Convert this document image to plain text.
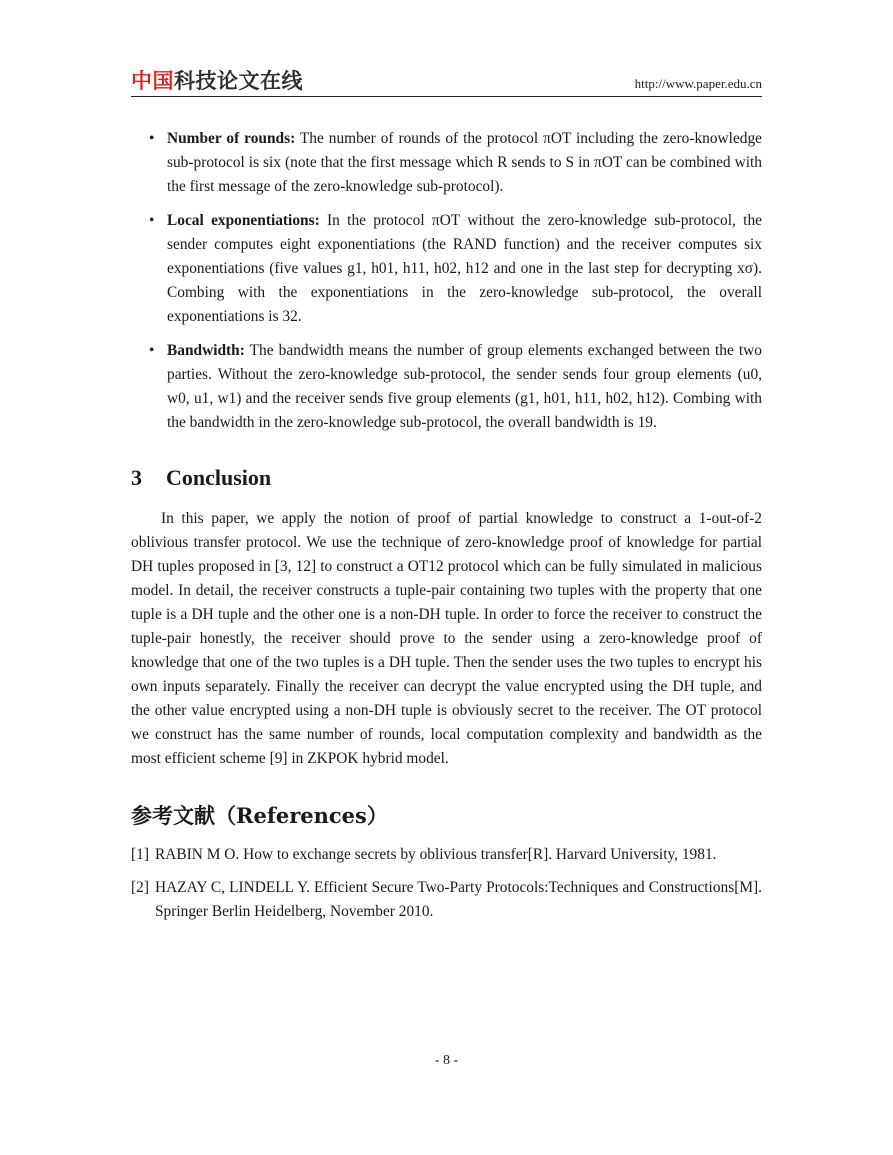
中国科技论文在线	http://www.paper.edu.cn
• Number of rounds: The number of rounds of the protocol πOT including the zero-knowledge sub-protocol is six (note that the first message which R sends to S in πOT can be combined with the first message of the zero-knowledge sub-protocol).
• Local exponentiations: In the protocol πOT without the zero-knowledge sub-protocol, the sender computes eight exponentiations (the RAND function) and the receiver computes six exponentiations (five values g1, h01, h11, h02, h12 and one in the last step for decrypting xσ). Combing with the exponentiations in the zero-knowledge sub-protocol, the overall exponentiations is 32.
• Bandwidth: The bandwidth means the number of group elements exchanged between the two parties. Without the zero-knowledge sub-protocol, the sender sends four group elements (u0, w0, u1, w1) and the receiver sends five group elements (g1, h01, h11, h02, h12). Combing with the bandwidth in the zero-knowledge sub-protocol, the overall bandwidth is 19.
3 Conclusion

In this paper, we apply the notion of proof of partial knowledge to construct a 1-out-of-2 oblivious transfer protocol. We use the technique of zero-knowledge proof of knowledge for partial DH tuples proposed in [3, 12] to construct a OT12 protocol which can be fully simulated in malicious model. In detail, the receiver constructs a tuple-pair containing two tuples with the property that one tuple is a DH tuple and the other one is a non-DH tuple. In order to force the receiver to construct the tuple-pair honestly, the receiver should prove to the sender using a zero-knowledge proof of knowledge that one of the two tuples is a DH tuple. Then the sender uses the two tuples to encrypt his own inputs separately. Finally the receiver can decrypt the value encrypted using the DH tuple, and the other value encrypted using a non-DH tuple is obviously secret to the receiver. The OT protocol we construct has the same number of rounds, local computation complexity and bandwidth as the most efficient scheme [9] in ZKPOK hybrid model.

参考文献（References）
[1] RABIN M O. How to exchange secrets by oblivious transfer[R]. Harvard University, 1981.
[2] HAZAY C, LINDELL Y. Efficient Secure Two-Party Protocols:Techniques and Constructions[M]. Springer Berlin Heidelberg, November 2010.
- 8 -
